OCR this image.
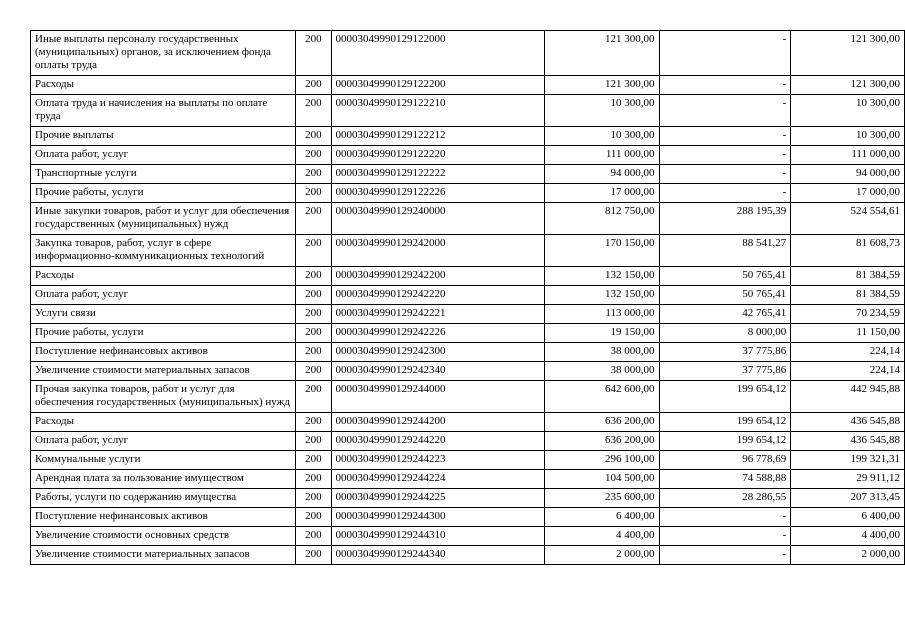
Иные выплаты персоналу государственных (муниципальных) органов, за исключением фонда оплаты труда	200	00003049990129122000	121 300,00	-	121 300,00
Расходы	200	00003049990129122200	121 300,00	-	121 300,00
Оплата труда и начисления на выплаты по оплате труда	200	00003049990129122210	10 300,00	-	10 300,00
Прочие выплаты	200	00003049990129122212	10 300,00	-	10 300,00
Оплата работ, услуг	200	00003049990129122220	111 000,00	-	111 000,00
Транспортные услуги	200	00003049990129122222	94 000,00	-	94 000,00
Прочие работы, услуги	200	00003049990129122226	17 000,00	-	17 000,00
Иные закупки товаров, работ и услуг для обеспечения государственных (муниципальных) нужд	200	00003049990129240000	812 750,00	288 195,39	524 554,61
Закупка товаров, работ, услуг в сфере информационно-коммуникационных технологий	200	00003049990129242000	170 150,00	88 541,27	81 608,73
Расходы	200	00003049990129242200	132 150,00	50 765,41	81 384,59
Оплата работ, услуг	200	00003049990129242220	132 150,00	50 765,41	81 384,59
Услуги связи	200	00003049990129242221	113 000,00	42 765,41	70 234,59
Прочие работы, услуги	200	00003049990129242226	19 150,00	8 000,00	11 150,00
Поступление нефинансовых активов	200	00003049990129242300	38 000,00	37 775,86	224,14
Увеличение стоимости материальных запасов	200	00003049990129242340	38 000,00	37 775,86	224,14
Прочая закупка товаров, работ и услуг для обеспечения государственных (муниципальных) нужд	200	00003049990129244000	642 600,00	199 654,12	442 945,88
Расходы	200	00003049990129244200	636 200,00	199 654,12	436 545,88
Оплата работ, услуг	200	00003049990129244220	636 200,00	199 654,12	436 545,88
Коммунальные услуги	200	00003049990129244223	296 100,00	96 778,69	199 321,31
Арендная плата за пользование имуществом	200	00003049990129244224	104 500,00	74 588,88	29 911,12
Работы, услуги по содержанию имущества	200	00003049990129244225	235 600,00	28 286,55	207 313,45
Поступление нефинансовых активов	200	00003049990129244300	6 400,00	-	6 400,00
Увеличение стоимости основных средств	200	00003049990129244310	4 400,00	-	4 400,00
Увеличение стоимости материальных запасов	200	00003049990129244340	2 000,00	-	2 000,00
